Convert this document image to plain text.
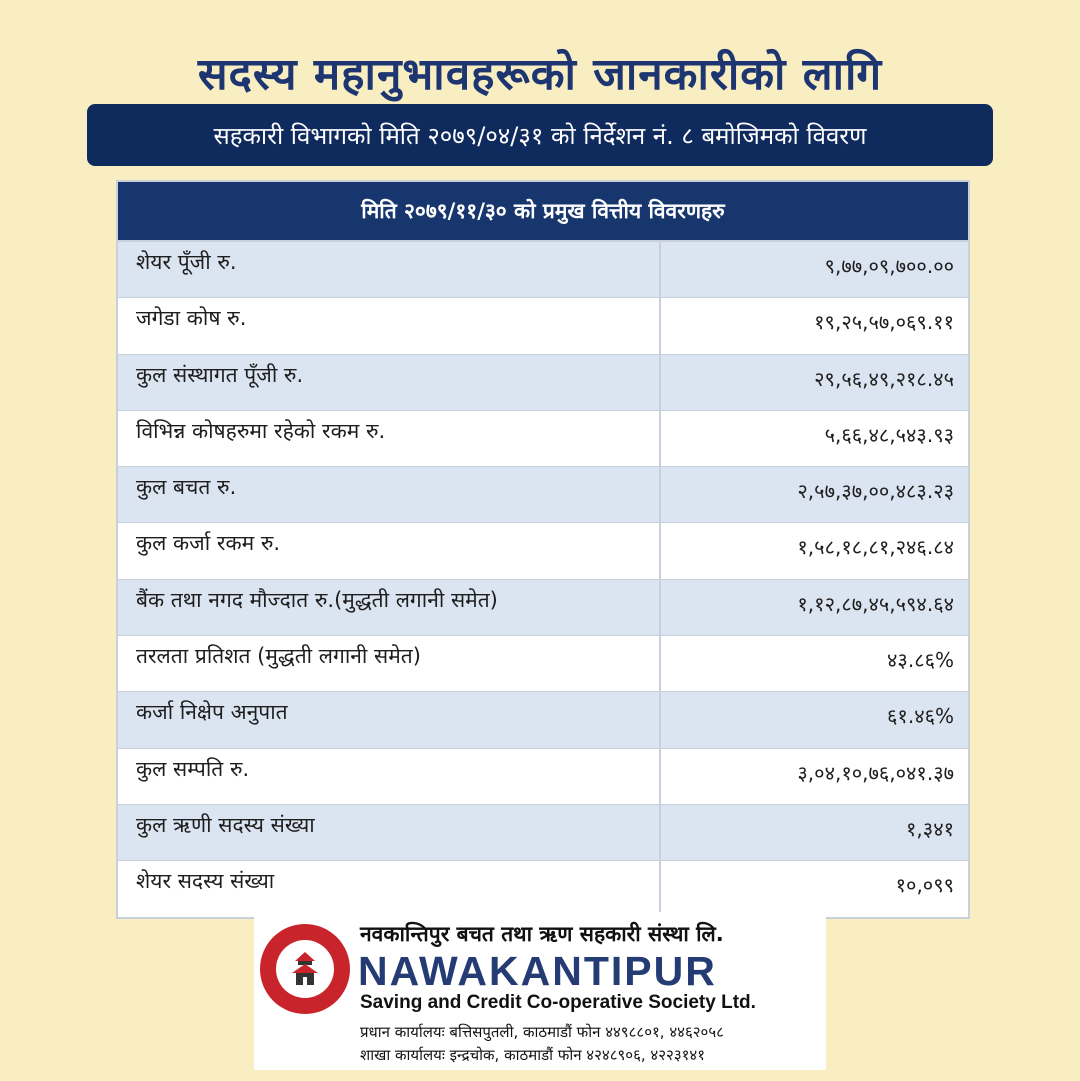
सदस्य महानुभावहरूको जानकारीको लागि
सहकारी विभागको मिति २०७९/०४/३१ को निर्देशन नं. ८ बमोजिमको विवरण
मिति २०७९/११/३० को प्रमुख वित्तीय विवरणहरु
शेयर पूँजी रु.	९,७७,०९,७००.००
जगेडा कोष रु.	१९,२५,५७,०६९.११
कुल संस्थागत पूँजी रु.	२९,५६,४९,२१८.४५
विभिन्न कोषहरुमा रहेको रकम रु.	५,६६,४८,५४३.९३
कुल बचत रु.	२,५७,३७,००,४८३.२३
कुल कर्जा रकम रु.	१,५८,१८,८१,२४६.८४
बैंक तथा नगद मौज्दात रु.(मुद्धती लगानी समेत)	१,१२,८७,४५,५९४.६४
तरलता प्रतिशत (मुद्धती लगानी समेत)	४३.८६%
कर्जा निक्षेप अनुपात	६१.४६%
कुल सम्पति रु.	३,०४,१०,७६,०४१.३७
कुल ऋणी सदस्य संख्या	१,३४१
शेयर सदस्य संख्या	१०,०९९
नवकान्तिपुर बचत तथा ऋण सहकारी संस्था लि.
NAWAKANTIPUR
Saving and Credit Co-operative Society Ltd.
प्रधान कार्यालयः बत्तिसपुतली, काठमाडौं फोन ४४९८८०१, ४४६२०५८
शाखा कार्यालयः इन्द्रचोक, काठमाडौं फोन ४२४८९०६, ४२२३१४१
